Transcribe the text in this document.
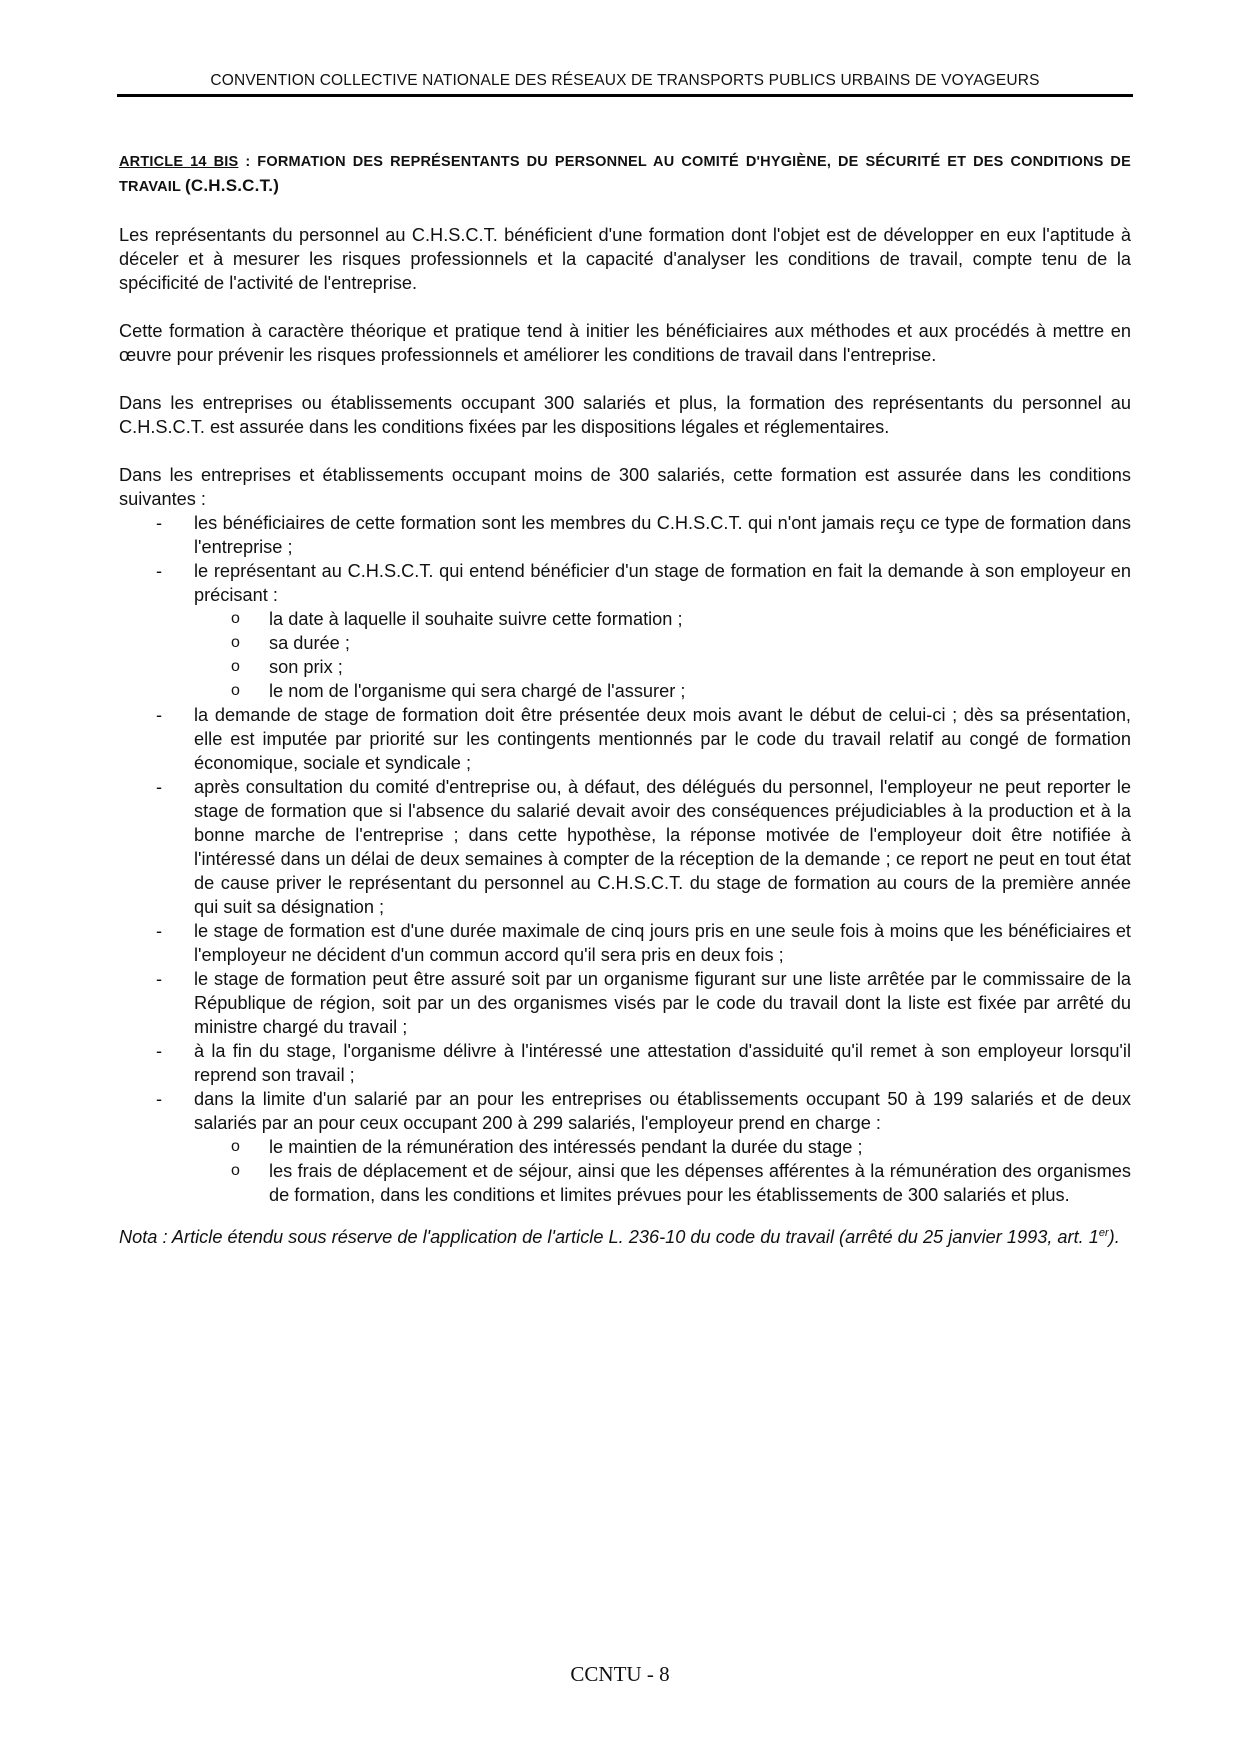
CONVENTION COLLECTIVE NATIONALE DES RÉSEAUX DE TRANSPORTS PUBLICS URBAINS DE VOYAGEURS
ARTICLE 14 BIS : FORMATION DES REPRÉSENTANTS DU PERSONNEL AU COMITÉ D'HYGIÈNE, DE SÉCURITÉ ET DES CONDITIONS DE TRAVAIL (C.H.S.C.T.)

Les représentants du personnel au C.H.S.C.T. bénéficient d'une formation dont l'objet est de développer en eux l'aptitude à déceler et à mesurer les risques professionnels et la capacité d'analyser les conditions de travail, compte tenu de la spécificité de l'activité de l'entreprise.

Cette formation à caractère théorique et pratique tend à initier les bénéficiaires aux méthodes et aux procédés à mettre en œuvre pour prévenir les risques professionnels et améliorer les conditions de travail dans l'entreprise.

Dans les entreprises ou établissements occupant 300 salariés et plus, la formation des représentants du personnel au C.H.S.C.T. est assurée dans les conditions fixées par les dispositions légales et réglementaires.

Dans les entreprises et établissements occupant moins de 300 salariés, cette formation est assurée dans les conditions suivantes :

- les bénéficiaires de cette formation sont les membres du C.H.S.C.T. qui n'ont jamais reçu ce type de formation dans l'entreprise ;
- le représentant au C.H.S.C.T. qui entend bénéficier d'un stage de formation en fait la demande à son employeur en précisant :
o la date à laquelle il souhaite suivre cette formation ;
o sa durée ;
o son prix ;
o le nom de l'organisme qui sera chargé de l'assurer ;
- la demande de stage de formation doit être présentée deux mois avant le début de celui-ci ; dès sa présentation, elle est imputée par priorité sur les contingents mentionnés par le code du travail relatif au congé de formation économique, sociale et syndicale ;
- après consultation du comité d'entreprise ou, à défaut, des délégués du personnel, l'employeur ne peut reporter le stage de formation que si l'absence du salarié devait avoir des conséquences préjudiciables à la production et à la bonne marche de l'entreprise ; dans cette hypothèse, la réponse motivée de l'employeur doit être notifiée à l'intéressé dans un délai de deux semaines à compter de la réception de la demande ; ce report ne peut en tout état de cause priver le représentant du personnel au C.H.S.C.T. du stage de formation au cours de la première année qui suit sa désignation ;
- le stage de formation est d'une durée maximale de cinq jours pris en une seule fois à moins que les bénéficiaires et l'employeur ne décident d'un commun accord qu'il sera pris en deux fois ;
- le stage de formation peut être assuré soit par un organisme figurant sur une liste arrêtée par le commissaire de la République de région, soit par un des organismes visés par le code du travail dont la liste est fixée par arrêté du ministre chargé du travail ;
- à la fin du stage, l'organisme délivre à l'intéressé une attestation d'assiduité qu'il remet à son employeur lorsqu'il reprend son travail ;
- dans la limite d'un salarié par an pour les entreprises ou établissements occupant 50 à 199 salariés et de deux salariés par an pour ceux occupant 200 à 299 salariés, l'employeur prend en charge :
o le maintien de la rémunération des intéressés pendant la durée du stage ;
o les frais de déplacement et de séjour, ainsi que les dépenses afférentes à la rémunération des organismes de formation, dans les conditions et limites prévues pour les établissements de 300 salariés et plus.

Nota : Article étendu sous réserve de l'application de l'article L. 236-10 du code du travail (arrêté du 25 janvier 1993, art. 1er).

CCNTU - 8
